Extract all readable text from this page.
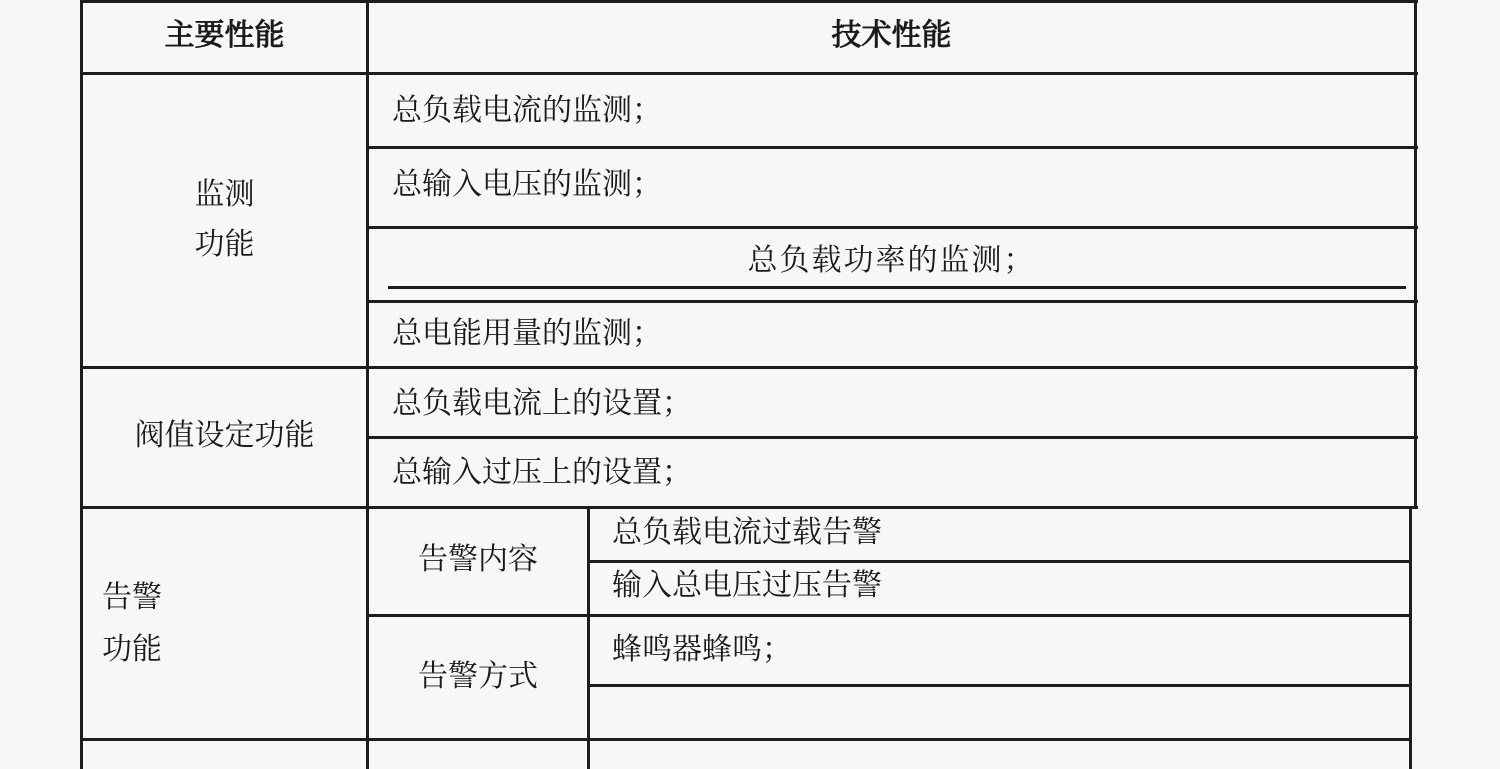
主要性能	技术性能
监测
功能
总负载电流的监测；
总输入电压的监测；
总负载功率的监测；
总电能用量的监测；
阀值设定功能
总负载电流上的设置；
总输入过压上的设置；
告警
功能
告警内容
总负载电流过载告警
输入总电压过压告警
告警方式
蜂鸣器蜂鸣；
